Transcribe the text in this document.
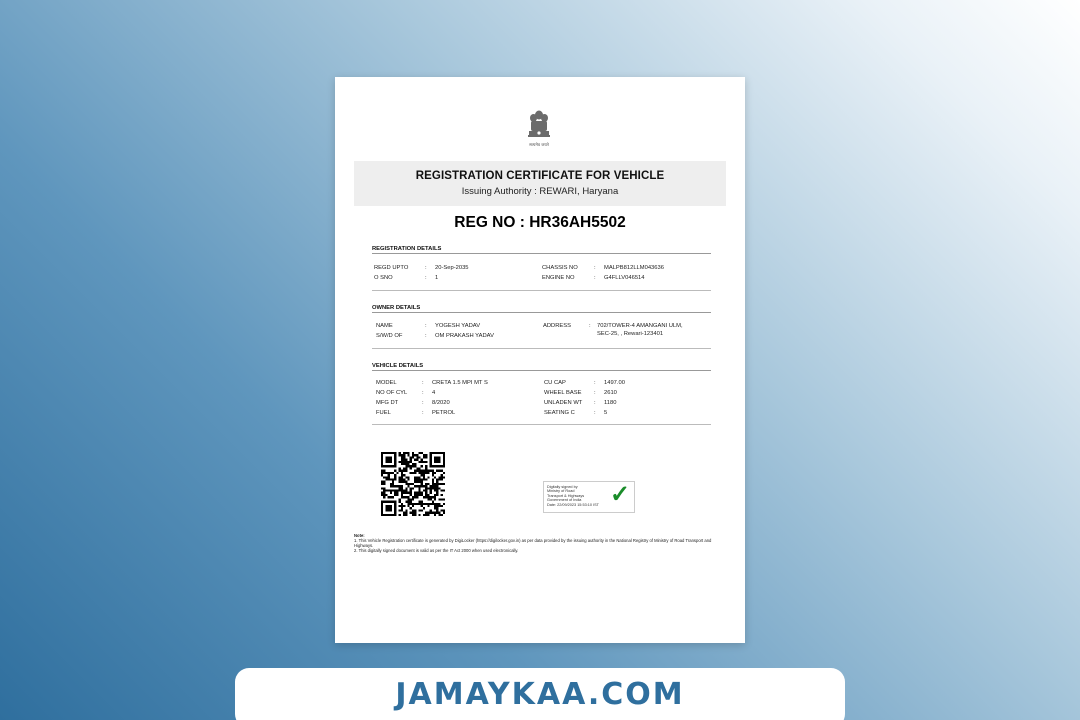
सत्यमेव जयते
REGISTRATION CERTIFICATE FOR VEHICLE
Issuing Authority : REWARI, Haryana
REG NO : HR36AH5502
REGISTRATION DETAILS
REGD UPTO	: 20-Sep-2035
O SNO	: 1
CHASSIS NO	: MALPB812LLM043636
ENGINE NO	: G4FLLV046514
OWNER DETAILS
NAME	: YOGESH YADAV
S/W/D OF	: OM PRAKASH YADAV
ADDRESS	: 702/TOWER-4 AMANGANI ULM,
SEC-25, , Rewari-123401
VEHICLE DETAILS
MODEL	: CRETA 1.5 MPI MT S
NO OF CYL	: 4
MFG DT	: 8/2020
FUEL	: PETROL
CU CAP	: 1497.00
WHEEL BASE : 2610
UNLADEN WT : 1180
SEATING C	: 5
Digitally signed by
Ministry of Road
Transport & Highways
Government of India
Date: 22/09/2023 15:53:10 IST ✓
Note:
1. This Vehicle Registration certificate is generated by DigiLocker (https://digilocker.gov.in) as per data provided by the issuing authority in the National Registry of Ministry of Road Transport and Highways.
2. This digitally signed document is valid as per the IT Act 2000 when used electronically.
JAMAYKAA.COM
